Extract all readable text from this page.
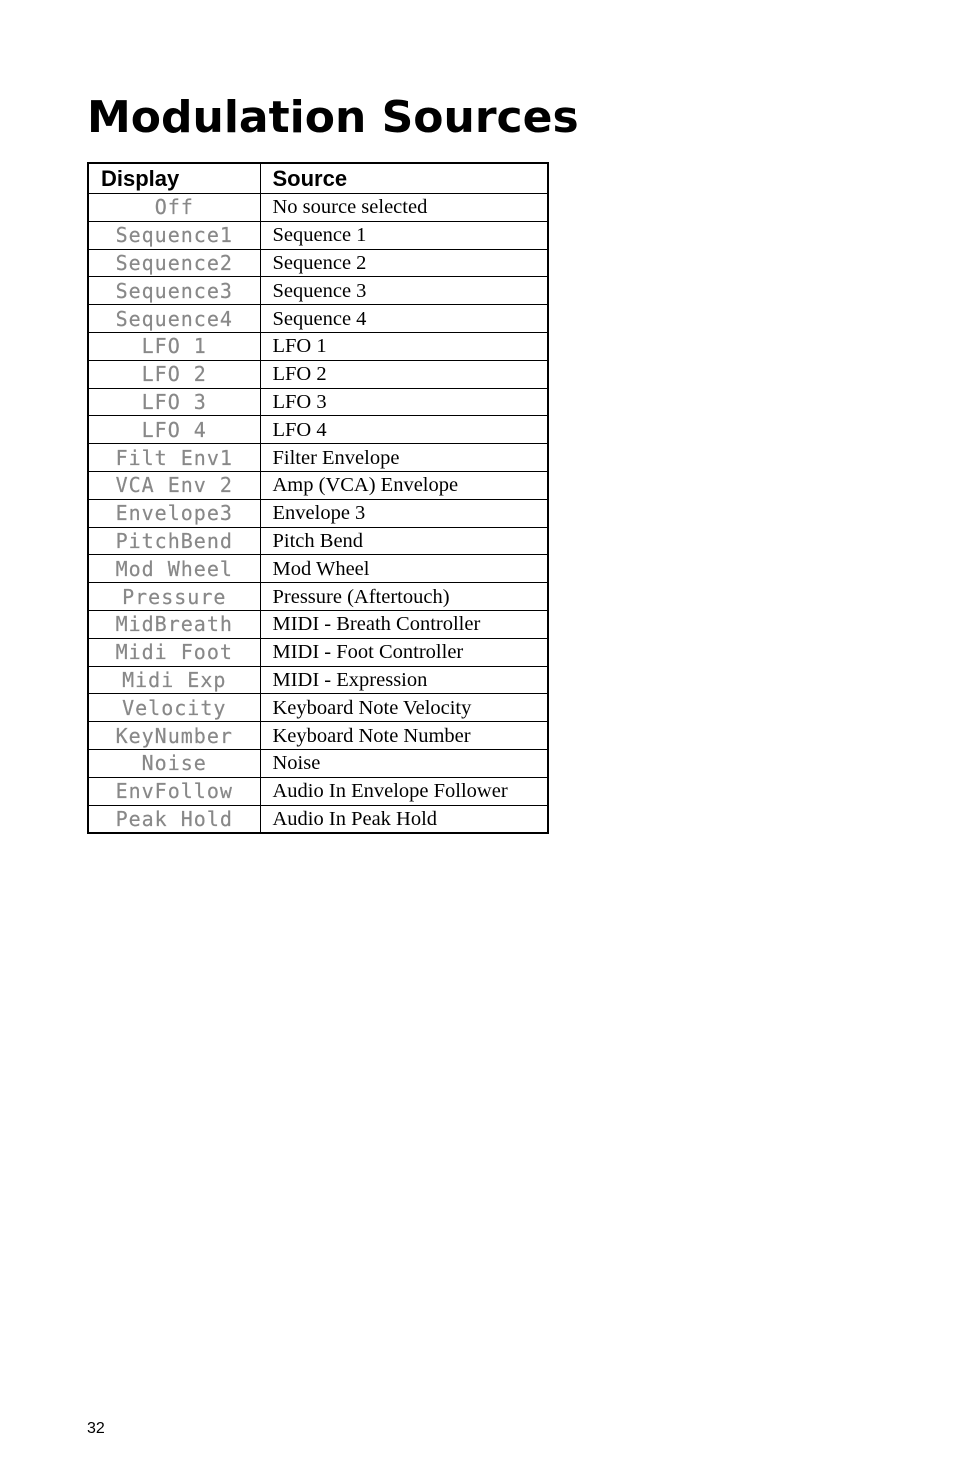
Modulation Sources
Display	Source
Off	No source selected
Sequence1	Sequence 1
Sequence2	Sequence 2
Sequence3	Sequence 3
Sequence4	Sequence 4
LFO 1	LFO 1
LFO 2	LFO 2
LFO 3	LFO 3
LFO 4	LFO 4
Filt Env1	Filter Envelope
VCA Env 2	Amp (VCA) Envelope
Envelope3	Envelope 3
PitchBend	Pitch Bend
Mod Wheel	Mod Wheel
Pressure	Pressure (Aftertouch)
MidBreath	MIDI - Breath Controller
Midi Foot	MIDI - Foot Controller
Midi Exp	MIDI - Expression
Velocity	Keyboard Note Velocity
KeyNumber	Keyboard Note Number
Noise	Noise
EnvFollow	Audio In Envelope Follower
Peak Hold	Audio In Peak Hold
32
